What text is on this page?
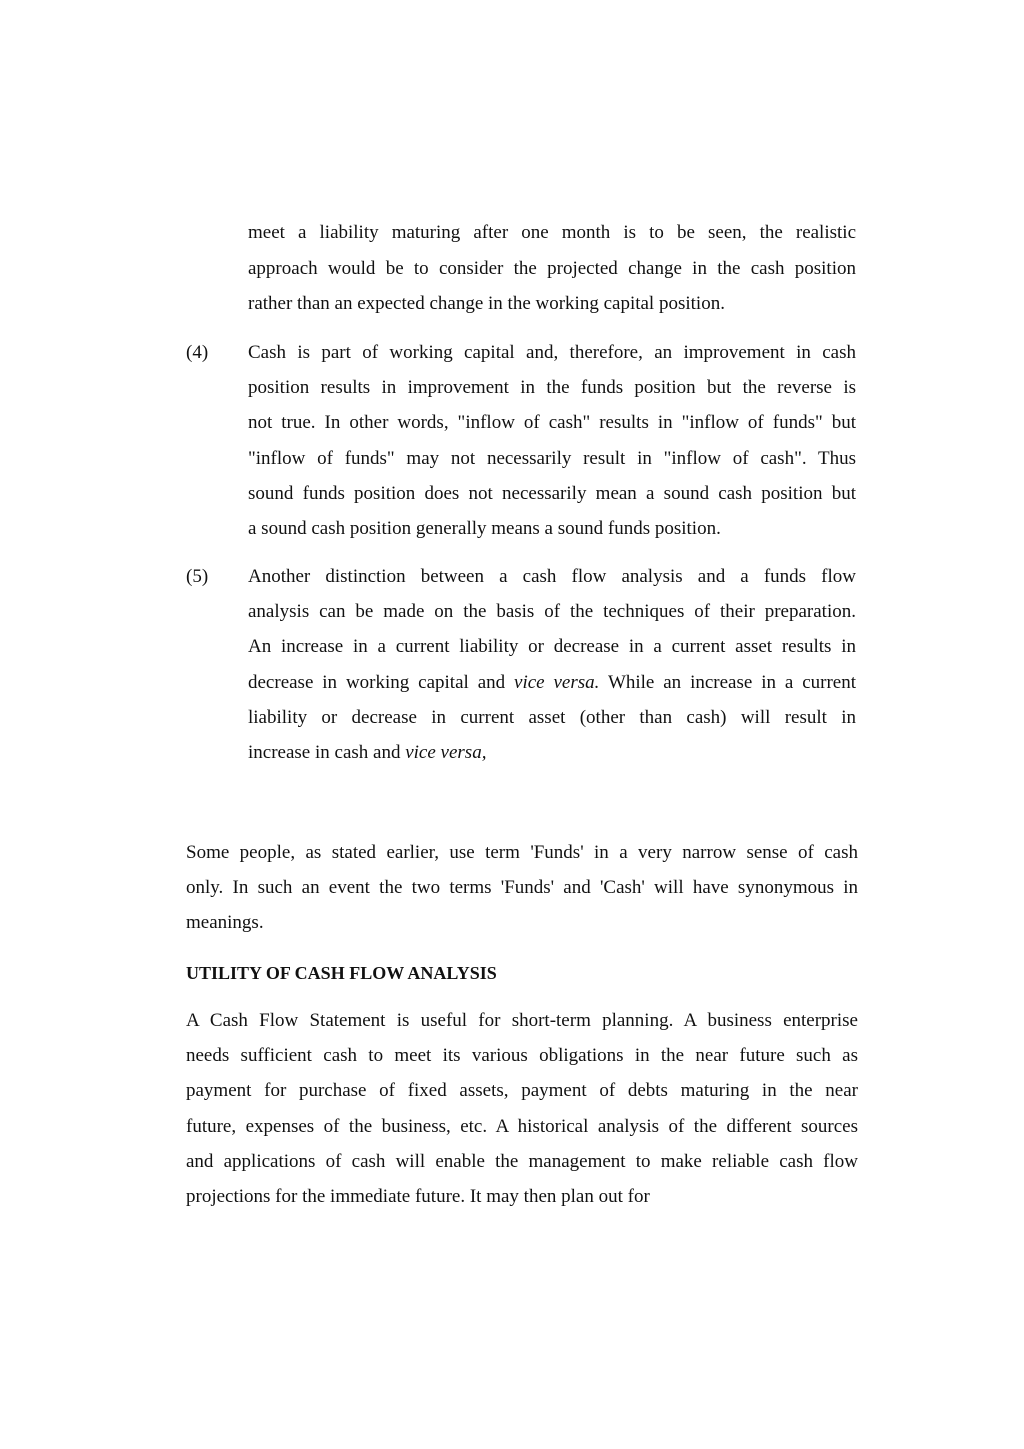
meet a liability maturing after one month is to be seen, the realistic
approach would be to consider the projected change in the cash position
rather than an expected change in the working capital position.
(4)	Cash is part of working capital and, therefore, an improvement in cash
position results in improvement in the funds position but the reverse is
not true. In other words, "inflow of cash" results in "inflow of funds" but
"inflow of funds" may not necessarily result in "inflow of cash". Thus
sound funds position does not necessarily mean a sound cash position but
a sound cash position generally means a sound funds position.
(5)	Another distinction between a cash flow analysis and a funds flow
analysis can be made on the basis of the techniques of their preparation.
An increase in a current liability or decrease in a current asset results in
decrease in working capital and vice versa. While an increase in a current
liability or decrease in current asset (other than cash) will result in
increase in cash and vice versa,
Some people, as stated earlier, use term 'Funds' in a very narrow sense of cash
only. In such an event the two terms 'Funds' and 'Cash' will have synonymous in
meanings.
UTILITY OF CASH FLOW ANALYSIS
A Cash Flow Statement is useful for short-term planning. A business enterprise
needs sufficient cash to meet its various obligations in the near future such as
payment for purchase of fixed assets, payment of debts maturing in the near
future, expenses of the business, etc. A historical analysis of the different sources
and applications of cash will enable the management to make reliable cash flow
projections for the immediate future. It may then plan out for
